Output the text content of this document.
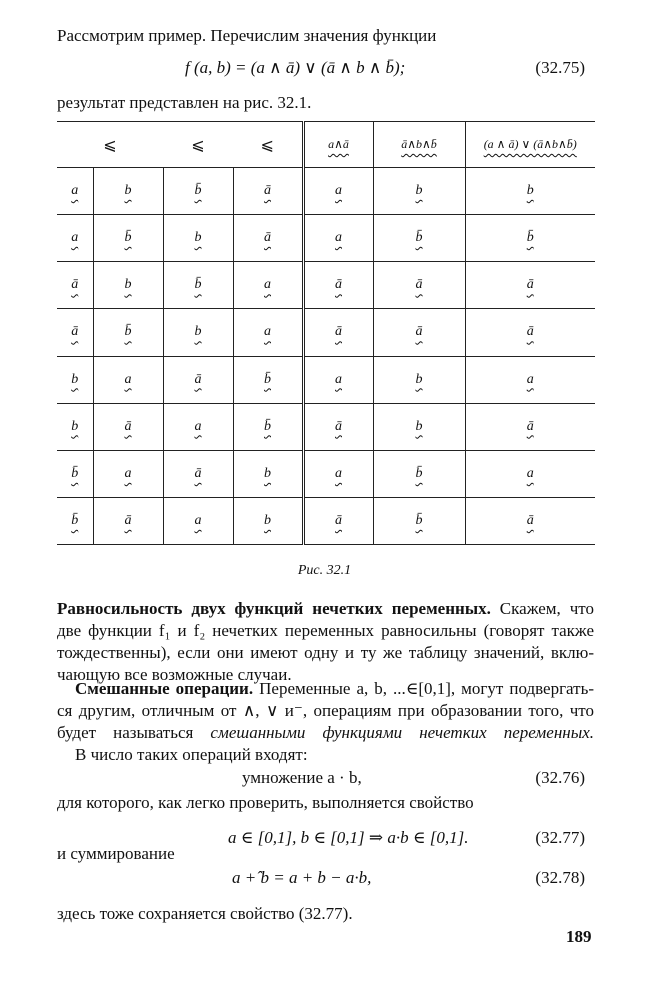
Рассмотрим пример. Перечислим значения функции
f (a, b) = (a ∧ ā) ∨ (ā ∧ b ∧ b̄);	(32.75)
результат представлен на рис. 32.1.
⩽		⩽	⩽	a∧ā	ā∧b∧b̄	(a ∧ ā) ∨ (ā∧b∧b̄)
a	b	b̄	ā	a	b	b
a	b̄	b	ā	a	b̄	b̄
ā	b	b̄	a	ā	ā	ā
ā	b̄	b	a	ā	ā	ā
b	a	ā	b̄	a	b	a
b	ā	a	b̄	ā	b	ā
b̄	a	ā	b	a	b̄	a
b̄	ā	a	b	ā	b̄	ā
Рис. 32.1
Равносильность двух функций нечетких переменных. Скажем, что
две функции f₁ и f₂ нечетких переменных равносильны (говорят также
тождественны), если они имеют одну и ту же таблицу значений, вклю-
чающую все возможные случаи.
Смешанные операции. Переменные a, b, ...∈[0,1], могут подвергать-
ся другим, отличным от ∧, ∨ и⁻, операциям при образовании того, что
будет называться смешанными функциями нечетких переменных.
В число таких операций входят:
умножение a · b,	(32.76)
для которого, как легко проверить, выполняется свойство
a ∈ [0,1], b ∈ [0,1] ⇒ a·b ∈ [0,1].	(32.77)
и суммирование
a +̂ b = a + b − a·b,	(32.78)
здесь тоже сохраняется свойство (32.77).
189
